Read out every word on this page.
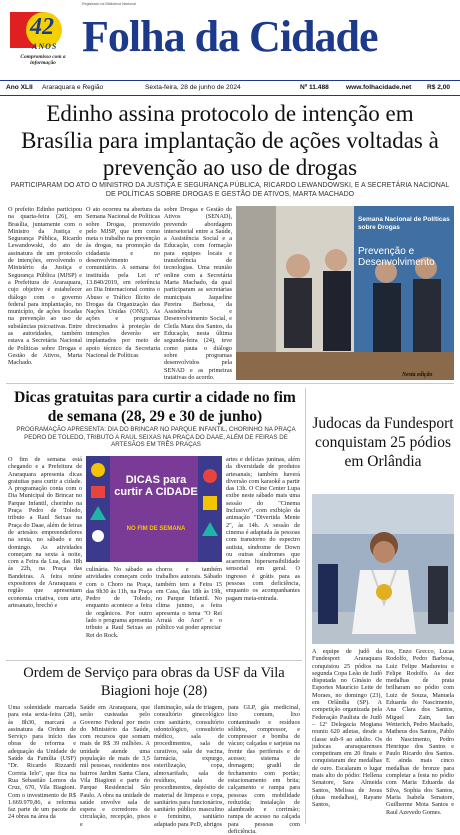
1982 · 2024
42
ANOS
Compromisso com a informação
Registrado na Biblioteca Nacional
Folha da Cidade
Ano XLII Araraquara e Região	Sexta-feira, 28 de junho de 2024	Nº 11.488	www.folhacidade.net R$ 2,00
Edinho assina protocolo de intenção em Brasília para implantação de ações voltadas à prevenção ao uso de drogas
PARTICIPARAM DO ATO O MINISTRO DA JUSTIÇA E SEGURANÇA PÚBLICA, RICARDO LEWANDOWSKI, E A SECRETÁRIA NACIONAL DE POLÍTICAS SOBRE DROGAS E GESTÃO DE ATIVOS, MARTA MACHADO
O prefeito Edinho participou na quarta-feira (26), em Brasília, juntamente com o Ministro da Justiça e Segurança Pública, Ricardo Lewandowski, do ato de assinatura de um protocolo de intenções, envolvendo o Ministério da Justiça e Segurança Pública (MJSP) e a Prefeitura de Araraquara, cujo objetivo é estabelecer diálogo com o governo federal para implantação, no município, de ações focadas na prevenção ao uso de substâncias psicoativas. Entre as autoridades, também estava a Secretária Nacional de Políticas sobre Drogas e Gestão de Ativos, Marta Machado.
O ato ocorreu na abertura da Semana Nacional de Políticas sobre Drogas, promovido pelo MJSP, que tem como meta o trabalho na prevenção às drogas, na promoção da cidadania e no desenvolvimento comunitário. A semana foi instituída pela Lei nº 13.840/2019, em referência ao Dia Internacional contra o Abuso e Tráfico Ilícito de Drogas da Organização das Nações Unidas (ONU). As ações e programas direcionados à proteção de intenções deverão ser implantados por meio de apoio técnico da Secretaria Nacional de Políticas
sobre Drogas e Gestão de Ativos (SENAD), prevendo abordagem intersetorial entre a Saúde, a Assistência Social e a Educação, com formação para equipes locais e transferência de tecnologias. Uma reunião online com a Secretária Marta Machado, da qual participaram as secretárias municipais Jaqueline Pereira Barbosa, da Assistência e Desenvolvimento Social, e Cleila Mara dos Santos, da Educação, nesta última segunda-feira (24), teve como pauta o diálogo sobre programas desenvolvidos pela SENAD e as primeiras tratativas do acordo.
Semana Nacional de Políticas sobre Drogas
Prevenção e Desenvolvimento
Nesta edição
Dicas gratuitas para curtir a cidade no fim de semana (28, 29 e 30 de junho)
PROGRAMAÇÃO APRESENTA: DIA DO BRINCAR NO PARQUE INFANTIL, CHORINHO NA PRAÇA PEDRO DE TOLEDO, TRIBUTO A RAUL SEIXAS NA PRAÇA DO DAAE, ALÉM DE FEIRAS DE ARTESÃOS EM TRÊS PRAÇAS
O fim de semana está chegando e a Prefeitura de Araraquara apresenta dicas gratuitas para curtir a cidade. A programação conta com o Dia Municipal do Brincar no Parque Infantil, chorinho na Praça Pedro de Toledo, tributo a Raul Seixas na Praça do Daae, além de feiras de artesãos empreendedores na sexta, no sábado e no domingo. As atividades começam na sexta à noite, com a Feira da Lua, das 18h às 22h, na Praça das Bandeiras. A feira reúne expositores de Araraquara e região que apresentam economia criativa, com arte, artesanato, brechó e
DICAS para curtir A CIDADE
NO FIM DE SEMANA
culinária. No sábado as atividades começam cedo com o Choro na Praça, das 9h30 às 11h, na Praça Pedro de Toledo, enquanto acontece a feira de orgânicos. Por outro lado o programa apresenta tributo a Raul Seixas ao Rei do Rock.
choros e também trabalhos autorais. Sábado também tem a Feira 15 em Casa, das 18h às 19h, no Parque Infantil. No clima junino, a feira apresenta o tema "O Rei Arraiá do Ano" e o público vai poder apreciar
artes e delícias juninas, além da diversidade de produtos artesanais; também haverá diversão com karaokê a partir das 13h. O Cine Center Lupa exibe neste sábado mais uma sessão do "Cinema Inclusivo", com exibição da animação "Divertida Mente 2", às 14h. A sessão de cinema é adaptada às pessoas com transtorno do espectro autista, síndrome de Down ou outras síndromes que acarretem hipersensibilidade sensorial em geral. O ingresso é grátis para as pessoas com deficiência, enquanto os acompanhantes pagam meia-entrada.
Judocas da Fundesport conquistam 25 pódios em Orlândia
A equipe de judô da Fundesport Araraquara conquistou 25 pódios na segunda Copa Leão de Judô disputada no Ginásio de Esportes Maurício Leite de Moraes, no domingo (23), em Orlândia (SP). A competição organizada pela Federação Paulista de Judô – 12ª Delegacia Mogiana reuniu 620 atletas, desde a classe sub-9 ao adulto. Os judocas araraquarenses competiram em 20 finais e conquistaram dez medalhas de ouro. Escalaram o lugar mais alto do pódio: Hellena Senatore, Sara Almeida Santos, Melissa de Jesus (duas medalhas), Rayane Santos,
tos, Enzo Grecco, Lucas Rodolfo, Pedro Barbosa, Luiz Felipe Madureira e Felipe Rodolfo. As dez medalhas de prata brilharam no pódio com Luiz de Souza, Manuela Eduarda do Nascimento, Ana Clara dos Santos, Miguel Zain, Ian Wetterich, Pedro Machado, Matheus dos Santos, Pablo do Nascimento, Pedro Henrique dos Santos e Paulo Ricardo dos Santos. E ainda mais cinco medalhas de bronze para completar a festa no pódio com Maria Eduarda da Silva, Sophia dos Santos, Maria Isabela Senatore, Guilherme Mota Santos e Raul Azevedo Gomes.
Ordem de Serviço para obras da USF da Vila Biagioni hoje (28)
Uma solenidade marcada para esta sexta-feira (28), às 8h30, marcará a assinatura da Ordem de Serviço para início das obras de reforma e adequação da Unidade de Saúde da Família (USF) "Dr. Ricardo Rizzardi Correia Ielo", que fica na Rua Sebastião Lemos da Cruz, 670, Vila Biagioni. Com o investimento de R$ 1.669.979,86, a reforma faz parte de um pacote de 24 obras na área da
Saúde em Araraquara, que serão custeadas pelo Governo Federal por meio do Ministério da Saúde, com recursos que somam mais de R$ 39 milhões. A unidade atende uma população de mais de 3,5 mil pessoas, residentes nos bairros Jardim Santa Clara, Vila Biagioni e parte do Parque Residencial São Paulo. A obra na unidade de saúde envolve sala de espera e corredores de circulação, recepção, pisos e
iluminação, sala de triagem, consultório ginecológico com sanitário, consultório odontológico, consultório médico, sala de procedimentos, sala de curativos, sala de vacina, farmácia, expurgo, esterilização, copa, almoxarifado, sala de resíduos, sala de procedimentos, depósito de material de limpeza e copa, sanitários para funcionários, sanitário público masculino e feminino, sanitário adaptado para PcD, abrigos
para GLP, gás medicinal, lixo comum, lixo contaminado e resíduos sólidos, compressor, e compressor e bomba de vácuo; calçadas e sarjetas na frente das periferais e de acesso; sistema de drenagem; gradil de fechamento com portão; estacionamento em brita; calçamento e rampa para pessoas com mobilidade reduzida; instalação de alambrado e corrimão; rampa de acesso na calçada para pessoas com deficiência.
